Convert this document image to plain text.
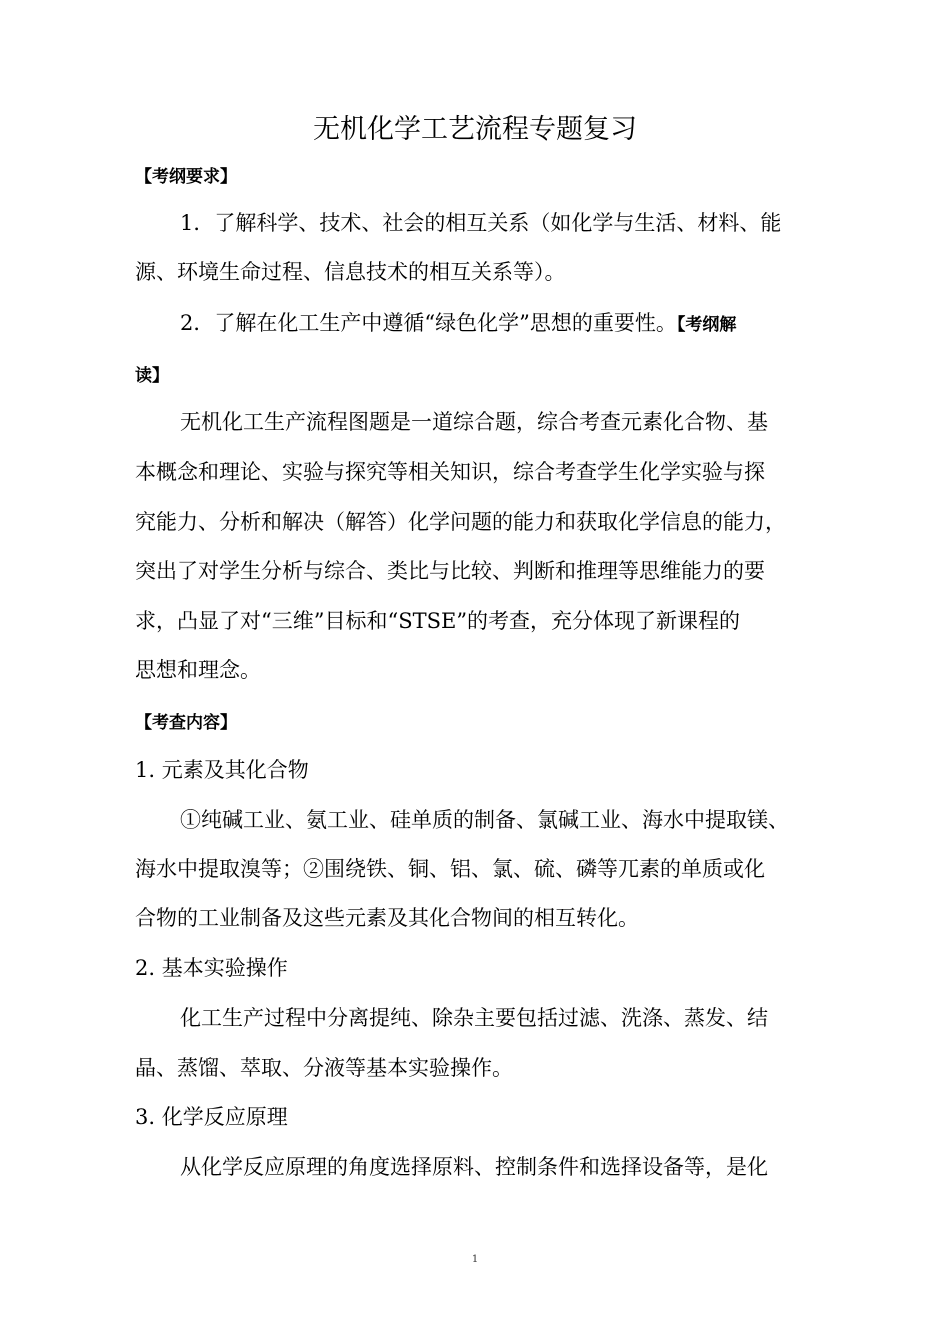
无机化学工艺流程专题复习
【考纲要求】
1．了解科学、技术、社会的相互关系（如化学与生活、材料、能
源、环境生命过程、信息技术的相互关系等）。
2．了解在化工生产中遵循“绿色化学”思想的重要性。【考纲解
读】
无机化工生产流程图题是一道综合题，综合考查元素化合物、基
本概念和理论、实验与探究等相关知识，综合考查学生化学实验与探
究能力、分析和解决（解答）化学问题的能力和获取化学信息的能力，
突出了对学生分析与综合、类比与比较、判断和推理等思维能力的要
求，凸显了对“三维”目标和“STSE”的考查，充分体现了新课程的
思想和理念。
【考查内容】
1. 元素及其化合物
①纯碱工业、氨工业、硅单质的制备、氯碱工业、海水中提取镁、
海水中提取溴等；②围绕铁、铜、铝、氯、硫、磷等兀素的单质或化
合物的工业制备及这些元素及其化合物间的相互转化。
2. 基本实验操作
化工生产过程中分离提纯、除杂主要包括过滤、洗涤、蒸发、结
晶、蒸馏、萃取、分液等基本实验操作。
3. 化学反应原理
从化学反应原理的角度选择原料、控制条件和选择设备等，是化
1
